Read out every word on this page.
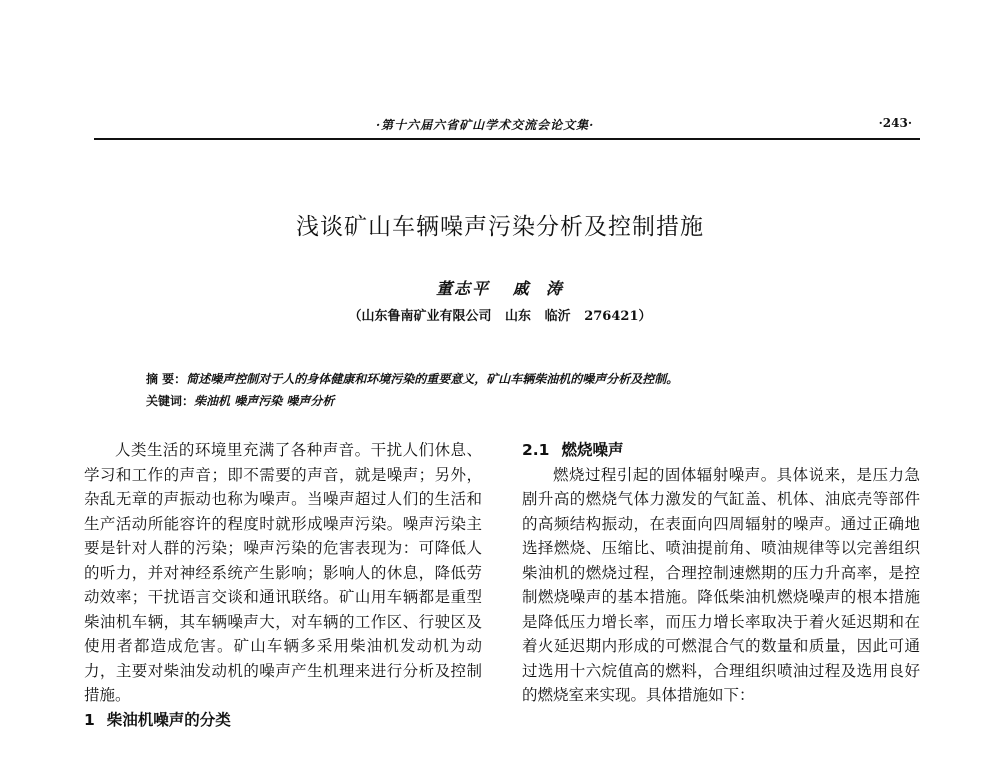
·第十六届六省矿山学术交流会论文集·	·243·
浅谈矿山车辆噪声污染分析及控制措施
董志平   戚  涛
（山东鲁南矿业有限公司   山东   临沂   276421）
摘 要：简述噪声控制对于人的身体健康和环境污染的重要意义，矿山车辆柴油机的噪声分析及控制。
关键词：柴油机 噪声污染 噪声分析

人类生活的环境里充满了各种声音。干扰人们休息、学习和工作的声音；即不需要的声音，就是噪声；另外，杂乱无章的声振动也称为噪声。当噪声超过人们的生活和生产活动所能容许的程度时就形成噪声污染。噪声污染主要是针对人群的污染；噪声污染的危害表现为：可降低人的听力，并对神经系统产生影响；影响人的休息，降低劳动效率；干扰语言交谈和通讯联络。矿山用车辆都是重型柴油机车辆，其车辆噪声大，对车辆的工作区、行驶区及使用者都造成危害。矿山车辆多采用柴油机发动机为动力，主要对柴油发动机的噪声产生机理来进行分析及控制措施。

1 柴油机噪声的分类

2.1 燃烧噪声

燃烧过程引起的固体辐射噪声。具体说来，是压力急剧升高的燃烧气体力激发的气缸盖、机体、油底壳等部件的高频结构振动，在表面向四周辐射的噪声。通过正确地选择燃烧、压缩比、喷油提前角、喷油规律等以完善组织柴油机的燃烧过程，合理控制速燃期的压力升高率，是控制燃烧噪声的基本措施。降低柴油机燃烧噪声的根本措施是降低压力增长率，而压力增长率取决于着火延迟期和在着火延迟期内形成的可燃混合气的数量和质量，因此可通过选用十六烷值高的燃料，合理组织喷油过程及选用良好的燃烧室来实现。具体措施如下：
